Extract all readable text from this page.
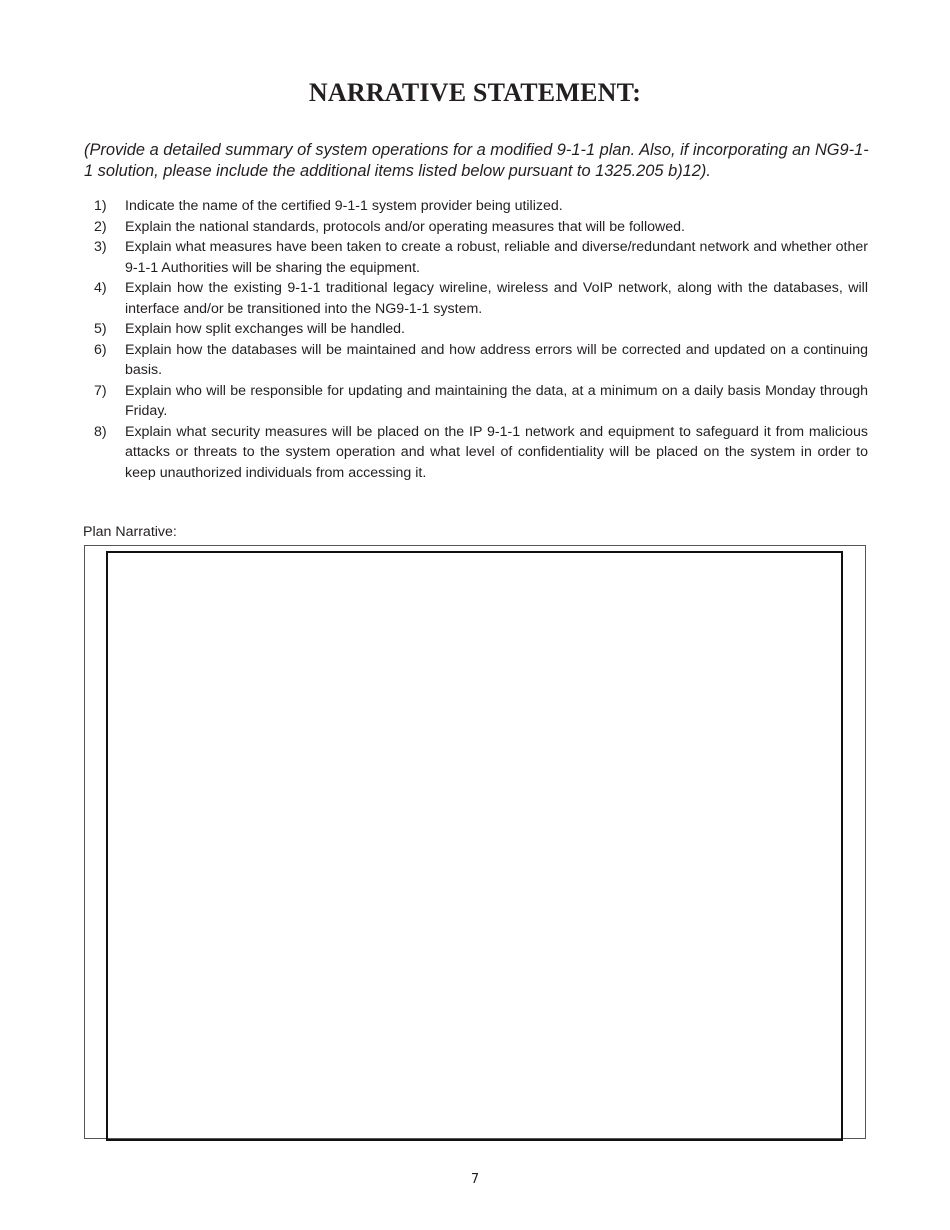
NARRATIVE STATEMENT:
(Provide a detailed summary of system operations for a modified 9-1-1 plan. Also, if incorporating an NG9-1-1 solution, please include the additional items listed below pursuant to 1325.205 b)12).
1) Indicate the name of the certified 9-1-1 system provider being utilized.
2) Explain the national standards, protocols and/or operating measures that will be followed.
3) Explain what measures have been taken to create a robust, reliable and diverse/redundant network and whether other 9-1-1 Authorities will be sharing the equipment.
4) Explain how the existing 9-1-1 traditional legacy wireline, wireless and VoIP network, along with the databases, will interface and/or be transitioned into the NG9-1-1 system.
5) Explain how split exchanges will be handled.
6) Explain how the databases will be maintained and how address errors will be corrected and updated on a continuing basis.
7) Explain who will be responsible for updating and maintaining the data, at a minimum on a daily basis Monday through Friday.
8) Explain what security measures will be placed on the IP 9-1-1 network and equipment to safeguard it from malicious attacks or threats to the system operation and what level of confidentiality will be placed on the system in order to keep unauthorized individuals from accessing it.
Plan Narrative:
7
